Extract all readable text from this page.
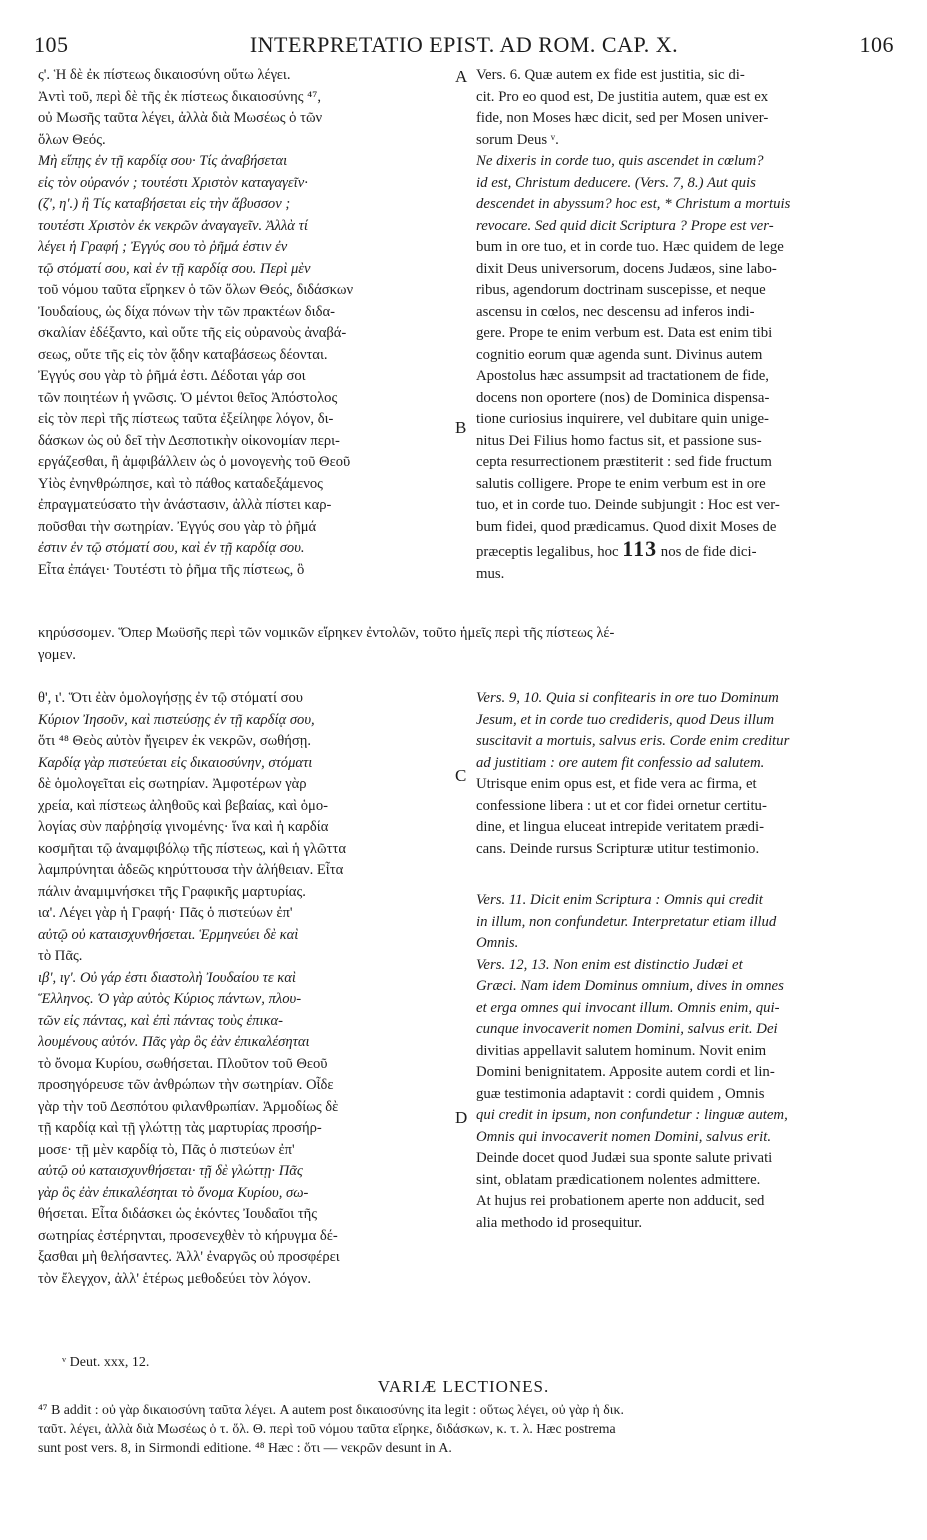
105	INTERPRETATIO EPIST. AD ROM. CAP. X.	106
ς'. Ἡ δὲ ἐκ πίστεως δικαιοσύνη οὕτω λέγει.
Ἀντὶ τοῦ, περὶ δὲ τῆς ἐκ πίστεως δικαιοσύνης ⁴⁷,
οὐ Μωσῆς ταῦτα λέγει, ἀλλὰ διὰ Μωσέως ὁ τῶν
ὅλων Θεός.
Μὴ εἴπῃς ἐν τῇ καρδίᾳ σου· Τίς ἀναβήσεται
εἰς τὸν οὐρανόν ; τουτέστι Χριστὸν καταγαγεῖν·
(ζ', η'.) ἢ Τίς καταβήσεται εἰς τὴν ἄβυσσον ;
τουτέστι Χριστὸν ἐκ νεκρῶν ἀναγαγεῖν. Ἀλλὰ τί
λέγει ἡ Γραφή ; Ἐγγύς σου τὸ ῥῆμά ἐστιν ἐν
τῷ στόματί σου, καὶ ἐν τῇ καρδίᾳ σου. Περὶ μὲν
τοῦ νόμου ταῦτα εἴρηκεν ὁ τῶν ὅλων Θεός, διδάσκων
Ἰουδαίους, ὡς δίχα πόνων τὴν τῶν πρακτέων διδα-
σκαλίαν ἐδέξαντο, καὶ οὔτε τῆς εἰς οὐρανοὺς ἀναβά-
σεως, οὔτε τῆς εἰς τὸν ᾅδην καταβάσεως δέονται.
Ἐγγύς σου γὰρ τὸ ῥῆμά ἐστι. Δέδοται γάρ σοι
τῶν ποιητέων ἡ γνῶσις. Ὁ μέντοι θεῖος Ἀπόστολος
εἰς τὸν περὶ τῆς πίστεως ταῦτα ἐξείληφε λόγον, δι-
δάσκων ὡς οὐ δεῖ τὴν Δεσποτικὴν οἰκονομίαν περι-
εργάζεσθαι, ἢ ἀμφιβάλλειν ὡς ὁ μονογενὴς τοῦ Θεοῦ
Υἱὸς ἐνηνθρώπησε, καὶ τὸ πάθος καταδεξάμενος
ἐπραγματεύσατο τὴν ἀνάστασιν, ἀλλὰ πίστει καρ-
ποῦσθαι τὴν σωτηρίαν. Ἐγγύς σου γὰρ τὸ ῥῆμά
ἐστιν ἐν τῷ στόματί σου, καὶ ἐν τῇ καρδίᾳ σου.
Εἶτα ἐπάγει· Τουτέστι τὸ ῥῆμα τῆς πίστεως, ὃ
Vers. 6. Quæ autem ex fide est justitia, sic di-
cit. Pro eo quod est, De justitia autem, quæ est ex
fide, non Moses hæc dicit, sed per Mosen univer-
sorum Deus ᵛ.
Ne dixeris in corde tuo, quis ascendet in cœlum?
id est, Christum deducere. (Vers. 7, 8.) Aut quis
descendet in abyssum? hoc est, * Christum a mortuis
revocare. Sed quid dicit Scriptura ? Prope est ver-
bum in ore tuo, et in corde tuo. Hæc quidem de lege
dixit Deus universorum, docens Judæos, sine labo-
ribus, agendorum doctrinam suscepisse, et neque
ascensu in cœlos, nec descensu ad inferos indi-
gere. Prope te enim verbum est. Data est enim tibi
cognitio eorum quæ agenda sunt. Divinus autem
Apostolus hæc assumpsit ad tractationem de fide,
docens non oportere (nos) de Dominica dispensa-
tione curiosius inquirere, vel dubitare quin unige-
nitus Dei Filius homo factus sit, et passione sus-
cepta resurrectionem præstiterit : sed fide fructum
salutis colligere. Prope te enim verbum est in ore
tuo, et in corde tuo. Deinde subjungit : Hoc est ver-
bum fidei, quod prædicamus. Quod dixit Moses de
præceptis legalibus, hoc 113 nos de fide dici-
mus.
κηρύσσομεν. Ὅπερ Μωϋσῆς περὶ τῶν νομικῶν εἴρηκεν ἐντολῶν, τοῦτο ἡμεῖς περὶ τῆς πίστεως λέ-
γομεν.
θ', ι'. Ὅτι ἐὰν ὁμολογήσῃς ἐν τῷ στόματί σου
Κύριον Ἰησοῦν, καὶ πιστεύσῃς ἐν τῇ καρδίᾳ σου,
ὅτι ⁴⁸ Θεὸς αὐτὸν ἤγειρεν ἐκ νεκρῶν, σωθήσῃ.
Καρδίᾳ γὰρ πιστεύεται εἰς δικαιοσύνην, στόματι
δὲ ὁμολογεῖται εἰς σωτηρίαν. Ἀμφοτέρων γὰρ
χρεία, καὶ πίστεως ἀληθοῦς καὶ βεβαίας, καὶ ὁμο-
λογίας σὺν παῤῥησίᾳ γινομένης· ἵνα καὶ ἡ καρδία
κοσμῆται τῷ ἀναμφιβόλῳ τῆς πίστεως, καὶ ἡ γλῶττα
λαμπρύνηται ἀδεῶς κηρύττουσα τὴν ἀλήθειαν. Εἶτα
πάλιν ἀναμιμνήσκει τῆς Γραφικῆς μαρτυρίας.
ια'. Λέγει γὰρ ἡ Γραφή· Πᾶς ὁ πιστεύων ἐπ'
αὐτῷ οὐ καταισχυνθήσεται. Ἑρμηνεύει δὲ καὶ
τὸ Πᾶς.
ιβ', ιγ'. Οὐ γάρ ἐστι διαστολὴ Ἰουδαίου τε καὶ
Ἕλληνος. Ὁ γὰρ αὐτὸς Κύριος πάντων, πλου-
τῶν εἰς πάντας, καὶ ἐπὶ πάντας τοὺς ἐπικα-
λουμένους αὐτόν. Πᾶς γὰρ ὃς ἐὰν ἐπικαλέσηται
τὸ ὄνομα Κυρίου, σωθήσεται. Πλοῦτον τοῦ Θεοῦ
προσηγόρευσε τῶν ἀνθρώπων τὴν σωτηρίαν. Οἶδε
γὰρ τὴν τοῦ Δεσπότου φιλανθρωπίαν. Ἁρμοδίως δὲ
τῇ καρδίᾳ καὶ τῇ γλώττῃ τὰς μαρτυρίας προσήρ-
μοσε· τῇ μὲν καρδίᾳ τὸ, Πᾶς ὁ πιστεύων ἐπ'
αὐτῷ οὐ καταισχυνθήσεται· τῇ δὲ γλώττῃ· Πᾶς
γὰρ ὃς ἐὰν ἐπικαλέσηται τὸ ὄνομα Κυρίου, σω-
θήσεται. Εἶτα διδάσκει ὡς ἑκόντες Ἰουδαῖοι τῆς
σωτηρίας ἐστέρηνται, προσενεχθὲν τὸ κήρυγμα δέ-
ξασθαι μὴ θελήσαντες. Ἀλλ' ἐναργῶς οὐ προσφέρει
τὸν ἔλεγχον, ἀλλ' ἑτέρως μεθοδεύει τὸν λόγον.
Vers. 9, 10. Quia si confitearis in ore tuo Dominum
Jesum, et in corde tuo credideris, quod Deus illum
suscitavit a mortuis, salvus eris. Corde enim creditur
ad justitiam : ore autem fit confessio ad salutem.
Utrisque enim opus est, et fide vera ac firma, et
confessione libera : ut et cor fidei ornetur certitu-
dine, et lingua eluceat intrepide veritatem prædi-
cans. Deinde rursus Scripturæ utitur testimonio.
Vers. 11. Dicit enim Scriptura : Omnis qui credit
in illum, non confundetur. Interpretatur etiam illud
Omnis.
Vers. 12, 13. Non enim est distinctio Judæi et
Græci. Nam idem Dominus omnium, dives in omnes
et erga omnes qui invocant illum. Omnis enim, qui-
cunque invocaverit nomen Domini, salvus erit. Dei
divitias appellavit salutem hominum. Novit enim
Domini benignitatem. Apposite autem cordi et lin-
guæ testimonia adaptavit : cordi quidem , Omnis
qui credit in ipsum, non confundetur : linguæ autem,
Omnis qui invocaverit nomen Domini, salvus erit.
Deinde docet quod Judæi sua sponte salute privati
sint, oblatam prædicationem nolentes admittere.
At hujus rei probationem aperte non adducit, sed
alia methodo id prosequitur.
A
B
C
D
ᵛ Deut. xxx, 12.
VARIÆ LECTIONES.
⁴⁷ B addit : οὐ γὰρ δικαιοσύνη ταῦτα λέγει. A autem post δικαιοσύνης ita legit : οὕτως λέγει, οὐ γὰρ ἡ δικ.
ταῦτ. λέγει, ἀλλὰ διὰ Μωσέως ὁ τ. ὅλ. Θ. περὶ τοῦ νόμου ταῦτα εἴρηκε, διδάσκων, κ. τ. λ. Hæc postrema
sunt post vers. 8, in Sirmondi editione. ⁴⁸ Hæc : ὅτι — νεκρῶν desunt in A.
